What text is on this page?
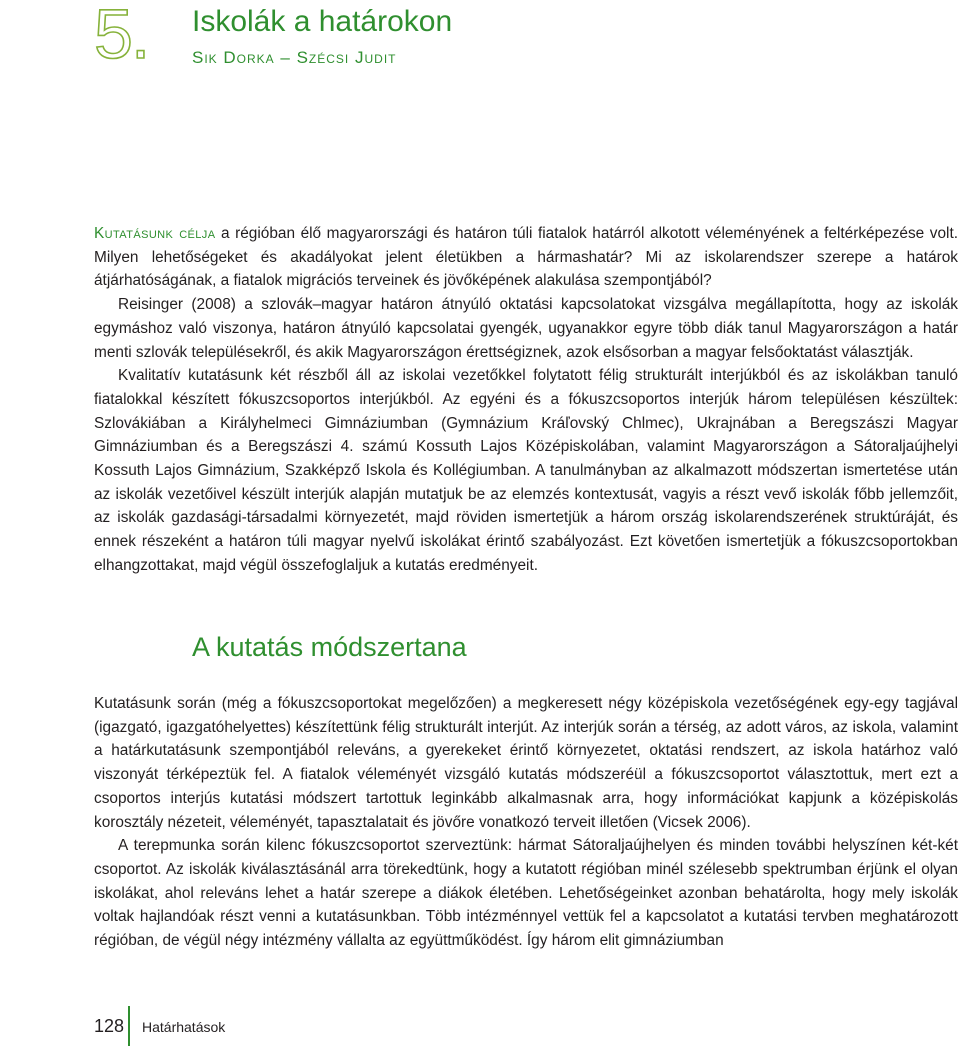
5. Iskolák a határokon
Sik Dorka – Szécsi Judit

Kutatásunk célja a régióban élő magyarországi és határon túli fiatalok határról alkotott véleményének a feltérképezése volt. Milyen lehetőségeket és akadályokat jelent életükben a hármashatár? Mi az iskolarendszer szerepe a határok átjárhatóságának, a fiatalok migrációs terveinek és jövőképének alakulása szempontjából?

Reisinger (2008) a szlovák–magyar határon átnyúló oktatási kapcsolatokat vizsgálva megállapította, hogy az iskolák egymáshoz való viszonya, határon átnyúló kapcsolatai gyengék, ugyanakkor egyre több diák tanul Magyarországon a határ menti szlovák településekről, és akik Magyarországon érettségiznek, azok elsősorban a magyar felsőoktatást választják.

Kvalitatív kutatásunk két részből áll az iskolai vezetőkkel folytatott félig strukturált interjúkból és az iskolákban tanuló fiatalokkal készített fókuszcsoportos interjúkból. Az egyéni és a fókuszcsoportos interjúk három településen készültek: Szlovákiában a Királyhelmeci Gimnáziumban (Gymnázium Kráľovský Chlmec), Ukrajnában a Beregszászi Magyar Gimnáziumban és a Beregszászi 4. számú Kossuth Lajos Középiskolában, valamint Magyarországon a Sátoraljaújhelyi Kossuth Lajos Gimnázium, Szakképző Iskola és Kollégiumban. A tanulmányban az alkalmazott módszertan ismertetése után az iskolák vezetőivel készült interjúk alapján mutatjuk be az elemzés kontextusát, vagyis a részt vevő iskolák főbb jellemzőit, az iskolák gazdasági-társadalmi környezetét, majd röviden ismertetjük a három ország iskolarendszerének struktúráját, és ennek részeként a határon túli magyar nyelvű iskolákat érintő szabályozást. Ezt követően ismertetjük a fókuszcsoportokban elhangzottakat, majd végül összefoglaljuk a kutatás eredményeit.

A kutatás módszertana

Kutatásunk során (még a fókuszcsoportokat megelőzően) a megkeresett négy középiskola vezetőségének egy-egy tagjával (igazgató, igazgatóhelyettes) készítettünk félig strukturált interjút. Az interjúk során a térség, az adott város, az iskola, valamint a határkutatásunk szempontjából releváns, a gyerekeket érintő környezetet, oktatási rendszert, az iskola határhoz való viszonyát térképeztük fel. A fiatalok véleményét vizsgáló kutatás módszeréül a fókuszcsoportot választottuk, mert ezt a csoportos interjús kutatási módszert tartottuk leginkább alkalmasnak arra, hogy információkat kapjunk a középiskolás korosztály nézeteit, véleményét, tapasztalatait és jövőre vonatkozó terveit illetően (Vicsek 2006).

A terepmunka során kilenc fókuszcsoportot szerveztünk: hármat Sátoraljaújhelyen és minden további helyszínen két-két csoportot. Az iskolák kiválasztásánál arra törekedtünk, hogy a kutatott régióban minél szélesebb spektrumban érjünk el olyan iskolákat, ahol releváns lehet a határ szerepe a diákok életében. Lehetőségeinket azonban behatárolta, hogy mely iskolák voltak hajlandóak részt venni a kutatásunkban. Több intézménnyel vettük fel a kapcsolatot a kutatási tervben meghatározott régióban, de végül négy intézmény vállalta az együttműködést. Így három elit gimnáziumban

128 Határhatások
